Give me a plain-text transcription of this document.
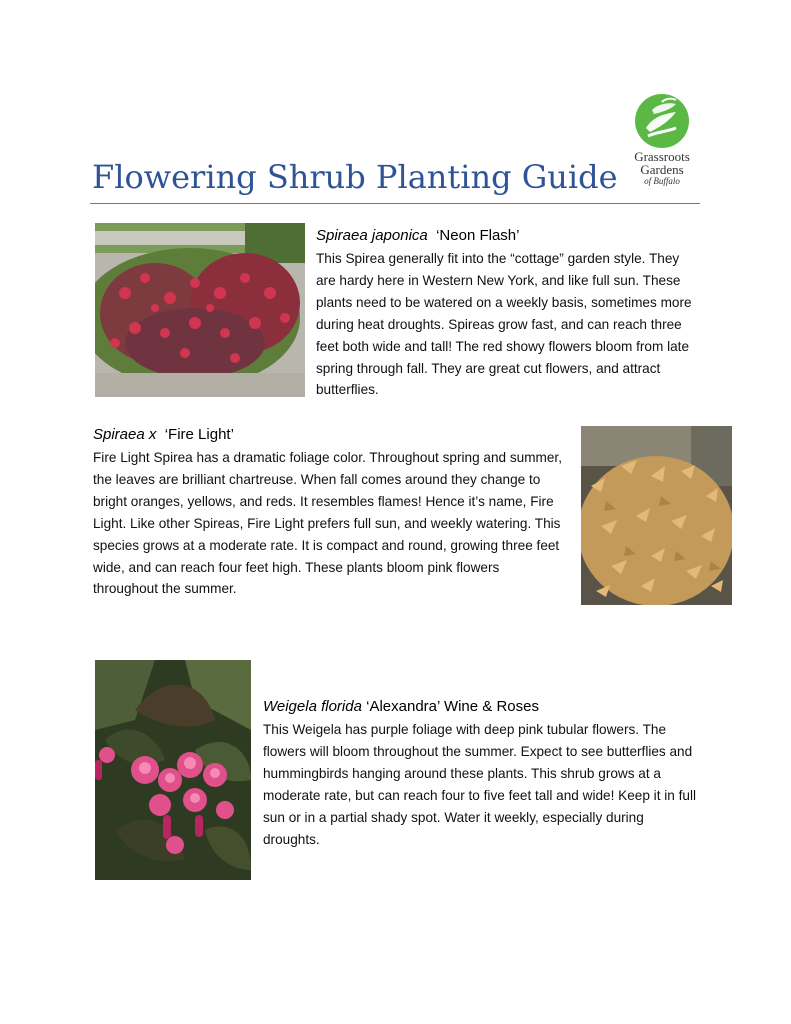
Flowering Shrub Planting Guide
Grassroots
Gardens
of Buffalo
Spiraea japonica ‘Neon Flash’
This Spirea generally fit into the “cottage” garden style. They are hardy here in Western New York, and like full sun. These plants need to be watered on a weekly basis, sometimes more during heat droughts. Spireas grow fast, and can reach three feet both wide and tall! The red showy flowers bloom from late spring through fall. They are great cut flowers, and attract butterflies.
Spiraea x ‘Fire Light’
Fire Light Spirea has a dramatic foliage color. Throughout spring and summer, the leaves are brilliant chartreuse. When fall comes around they change to bright oranges, yellows, and reds. It resembles flames! Hence it’s name, Fire Light. Like other Spireas, Fire Light prefers full sun, and weekly watering. This species grows at a moderate rate. It is compact and round, growing three feet wide, and can reach four feet high. These plants bloom pink flowers throughout the summer.
Weigela florida ‘Alexandra’ Wine & Roses
This Weigela has purple foliage with deep pink tubular flowers. The flowers will bloom throughout the summer. Expect to see butterflies and hummingbirds hanging around these plants. This shrub grows at a moderate rate, but can reach four to five feet tall and wide! Keep it in full sun or in a partial shady spot. Water it weekly, especially during droughts.
